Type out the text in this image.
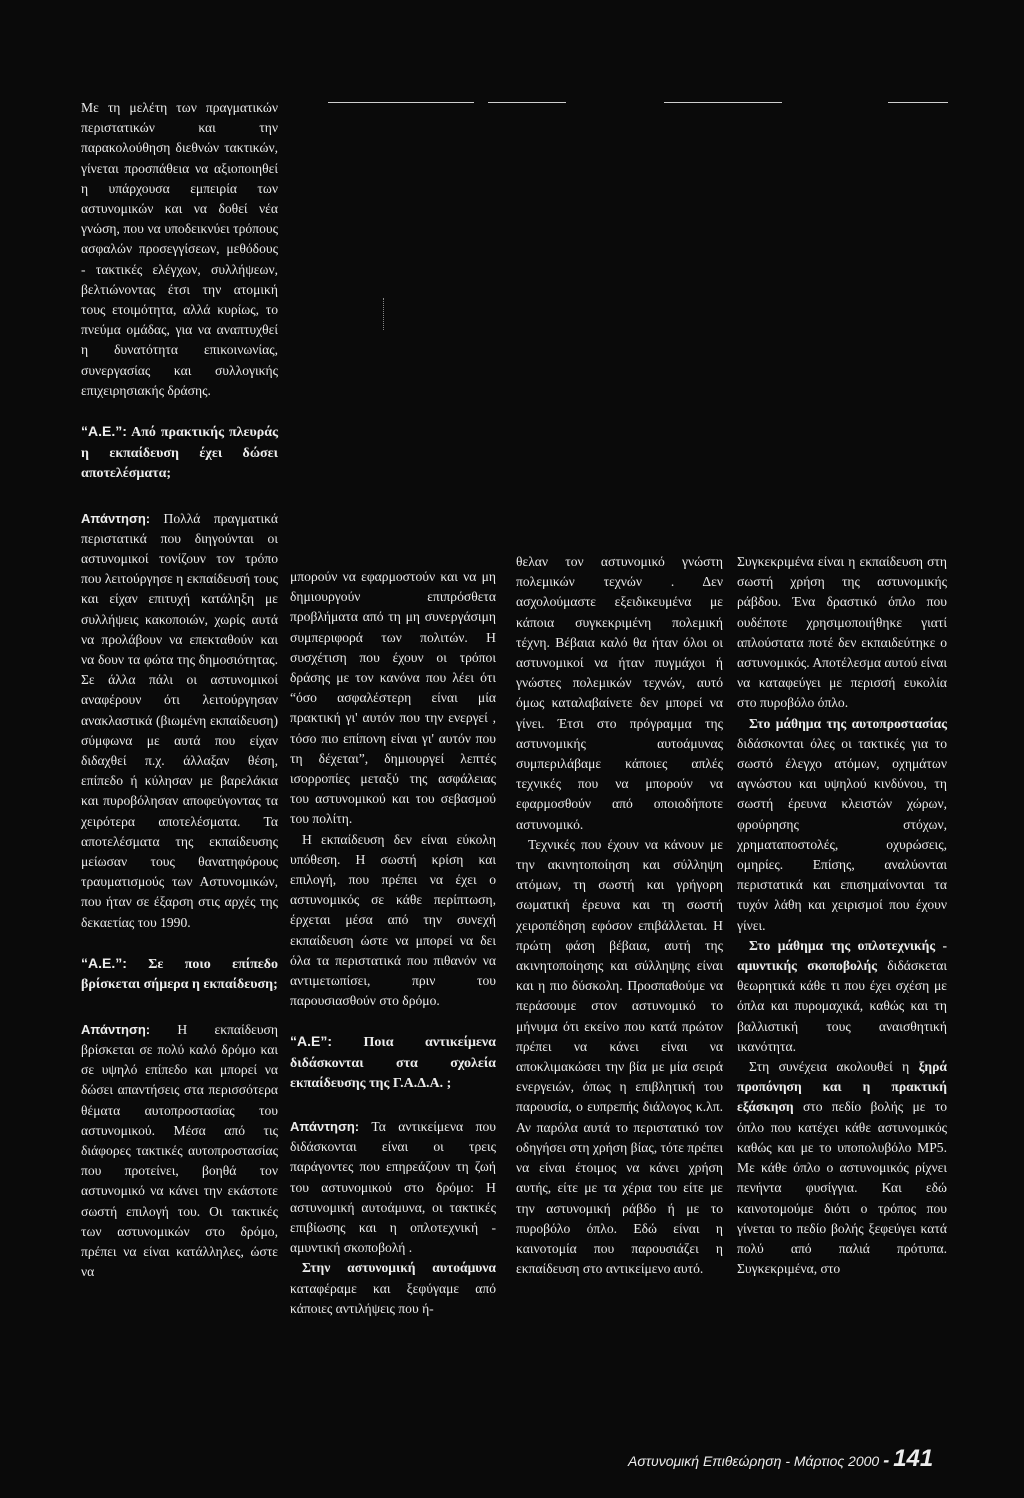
Με τη μελέτη των πραγματικών περιστατικών και την παρακολούθηση διεθνών τακτικών, γίνεται προσπάθεια να αξιοποιηθεί η υπάρχουσα εμπειρία των αστυνομικών και να δοθεί νέα γνώση, που να υποδεικνύει τρόπους ασφαλών προσεγγίσεων, μεθόδους - τακτικές ελέγχων, συλλήψεων, βελτιώνοντας έτσι την ατομική τους ετοιμότητα, αλλά κυρίως, το πνεύμα ομάδας, για να αναπτυχθεί η δυνατότητα επικοινωνίας, συνεργασίας και συλλογικής επιχειρησιακής δράσης.

“Α.Ε.”: Από πρακτικής πλευράς η εκπαίδευση έχει δώσει αποτελέσματα;

Απάντηση: Πολλά πραγματικά περιστατικά που διηγούνται οι αστυνομικοί τονίζουν τον τρόπο που λειτούργησε η εκπαίδευσή τους και είχαν επιτυχή κατάληξη με συλλήψεις κακοποιών, χωρίς αυτά να προλάβουν να επεκταθούν και να δουν τα φώτα της δημοσιότητας. Σε άλλα πάλι οι αστυνομικοί αναφέρουν ότι λειτούργησαν ανακλαστικά (βιωμένη εκπαίδευση) σύμφωνα με αυτά που είχαν διδαχθεί π.χ. άλλαξαν θέση, επίπεδο ή κύλησαν με βαρελάκια και πυροβόλησαν αποφεύγοντας τα χειρότερα αποτελέσματα. Τα αποτελέσματα της εκπαίδευσης μείωσαν τους θανατηφόρους τραυματισμούς των Αστυνομικών, που ήταν σε έξαρση στις αρχές της δεκαετίας του 1990.

“Α.Ε.”: Σε ποιο επίπεδο βρίσκεται σήμερα η εκπαίδευση;

Απάντηση: Η εκπαίδευση βρίσκεται σε πολύ καλό δρόμο και σε υψηλό επίπεδο και μπορεί να δώσει απαντήσεις στα περισσότερα θέματα αυτοπροστασίας του αστυνομικού. Μέσα από τις διάφορες τακτικές αυτοπροστασίας που προτείνει, βοηθά τον αστυνομικό να κάνει την εκάστοτε σωστή επιλογή του. Οι τακτικές των αστυνομικών στο δρόμο, πρέπει να είναι κατάλληλες, ώστε να

μπορούν να εφαρμοστούν και να μη δημιουργούν επιπρόσθετα προβλήματα από τη μη συνεργάσιμη συμπεριφορά των πολιτών. Η συσχέτιση που έχουν οι τρόποι δράσης με τον κανόνα που λέει ότι “όσο ασφαλέστερη είναι μία πρακτική γι' αυτόν που την ενεργεί , τόσο πιο επίπονη είναι γι' αυτόν που τη δέχεται”, δημιουργεί λεπτές ισορροπίες μεταξύ της ασφάλειας του αστυνομικού και του σεβασμού του πολίτη.

Η εκπαίδευση δεν είναι εύκολη υπόθεση. Η σωστή κρίση και επιλογή, που πρέπει να έχει ο αστυνομικός σε κάθε περίπτωση, έρχεται μέσα από την συνεχή εκπαίδευση ώστε να μπορεί να δει όλα τα περιστατικά που πιθανόν να αντιμετωπίσει, πριν του παρουσιασθούν στο δρόμο.

“Α.Ε”: Ποια αντικείμενα διδάσκονται στα σχολεία εκπαίδευσης της Γ.Α.Δ.Α. ;

Απάντηση: Τα αντικείμενα που διδάσκονται είναι οι τρεις παράγοντες που επηρεάζουν τη ζωή του αστυνομικού στο δρόμο: Η αστυνομική αυτοάμυνα, οι τακτικές επιβίωσης και η οπλοτεχνική - αμυντική σκοποβολή .

Στην αστυνομική αυτοάμυνα καταφέραμε και ξεφύγαμε από κάποιες αντιλήψεις που ή-

θελαν τον αστυνομικό γνώστη πολεμικών τεχνών . Δεν ασχολούμαστε εξειδικευμένα με κάποια συγκεκριμένη πολεμική τέχνη. Βέβαια καλό θα ήταν όλοι οι αστυνομικοί να ήταν πυγμάχοι ή γνώστες πολεμικών τεχνών, αυτό όμως καταλαβαίνετε δεν μπορεί να γίνει. Έτσι στο πρόγραμμα της αστυνομικής αυτοάμυνας συμπεριλάβαμε κάποιες απλές τεχνικές που να μπορούν να εφαρμοσθούν από οποιοδήποτε αστυνομικό.

Τεχνικές που έχουν να κάνουν με την ακινητοποίηση και σύλληψη ατόμων, τη σωστή και γρήγορη σωματική έρευνα και τη σωστή χειροπέδηση εφόσον επιβάλλεται. Η πρώτη φάση βέβαια, αυτή της ακινητοποίησης και σύλληψης είναι και η πιο δύσκολη. Προσπαθούμε να περάσουμε στον αστυνομικό το μήνυμα ότι εκείνο που κατά πρώτον πρέπει να κάνει είναι να αποκλιμακώσει την βία με μία σειρά ενεργειών, όπως η επιβλητική του παρουσία, ο ευπρεπής διάλογος κ.λπ. Αν παρόλα αυτά το περιστατικό τον οδηγήσει στη χρήση βίας, τότε πρέπει να είναι έτοιμος να κάνει χρήση αυτής, είτε με τα χέρια του είτε με την αστυνομική ράβδο ή με το πυροβόλο όπλο. Εδώ είναι η καινοτομία που παρουσιάζει η εκπαίδευση στο αντικείμενο αυτό.

Συγκεκριμένα είναι η εκπαίδευση στη σωστή χρήση της αστυνομικής ράβδου. Ένα δραστικό όπλο που ουδέποτε χρησιμοποιήθηκε γιατί απλούστατα ποτέ δεν εκπαιδεύτηκε ο αστυνομικός. Αποτέλεσμα αυτού είναι να καταφεύγει με περισσή ευκολία στο πυροβόλο όπλο.

Στο μάθημα της αυτοπροστασίας διδάσκονται όλες οι τακτικές για το σωστό έλεγχο ατόμων, οχημάτων αγνώστου και υψηλού κινδύνου, τη σωστή έρευνα κλειστών χώρων, φρούρησης στόχων, χρηματαποστολές, οχυρώσεις, ομηρίες. Επίσης, αναλύονται περιστατικά και επισημαίνονται τα τυχόν λάθη και χειρισμοί που έχουν γίνει.

Στο μάθημα της οπλοτεχνικής - αμυντικής σκοποβολής διδάσκεται θεωρητικά κάθε τι που έχει σχέση με όπλα και πυρομαχικά, καθώς και τη βαλλιστική τους αναισθητική ικανότητα.

Στη συνέχεια ακολουθεί η ξηρά προπόνηση και η πρακτική εξάσκηση στο πεδίο βολής με το όπλο που κατέχει κάθε αστυνομικός καθώς και με το υποπολυβόλο MP5. Με κάθε όπλο ο αστυνομικός ρίχνει πενήντα φυσίγγια. Και εδώ καινοτομούμε διότι ο τρόπος που γίνεται το πεδίο βολής ξεφεύγει κατά πολύ από παλιά πρότυπα. Συγκεκριμένα, στο

Αστυνομική Επιθεώρηση - Μάρτιος 2000 - 141
